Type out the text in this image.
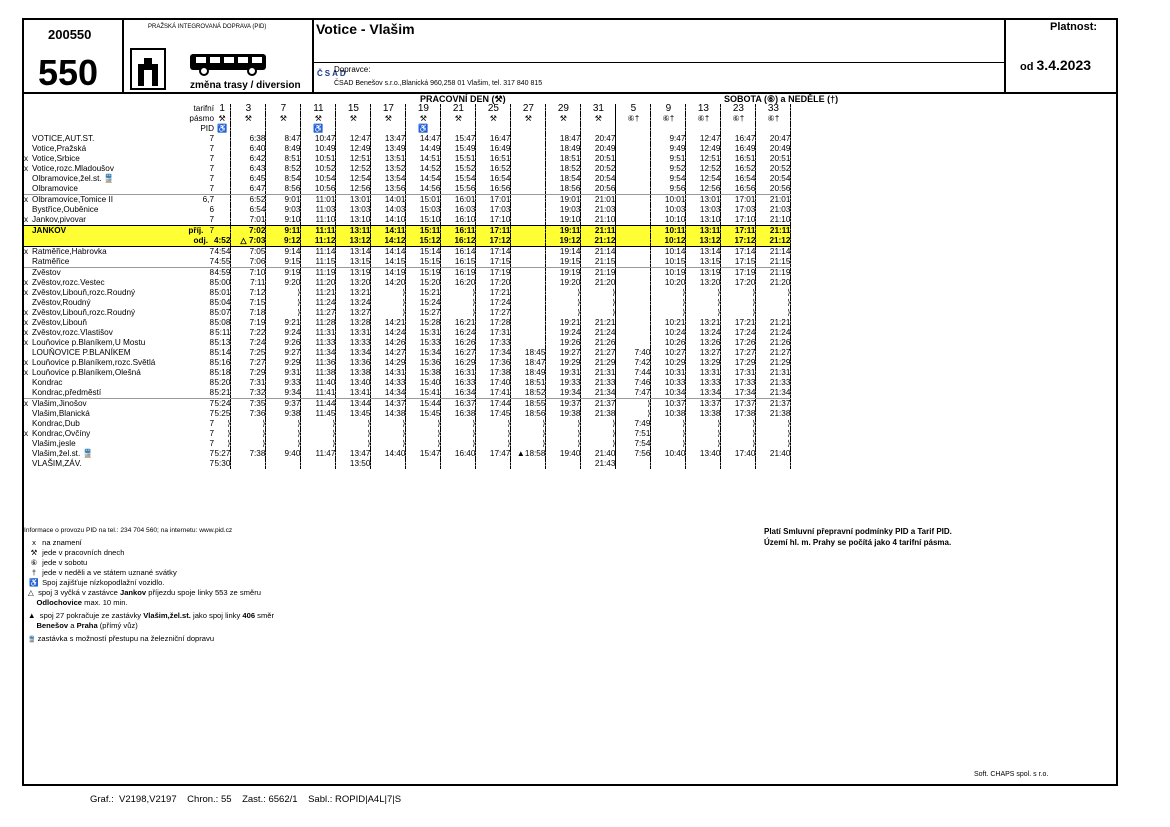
200550
550
PRAŽSKÁ INTEGROVANÁ DOPRAVA (PID)
změna trasy / diversion
Votice - Vlašim
ČSAD
Dopravce:
ČSAD Benešov s.r.o.,Blanická 960,258 01 Vlašim, tel. 317 840 815
Platnost:
od 3.4.2023
PRACOVNÍ DEN (⚒)	SOBOTA (⑥) a NEDĚLE (†)
	tarifní	1	3	7	11	15	17	19	21	25	27	29	31	5	9	13	23	33
	pásmo	⚒	⚒	⚒	⚒	⚒	⚒	⚒	⚒	⚒	⚒	⚒	⚒	⑥†	⑥†	⑥†	⑥†	⑥†
	PID	♿			♿			♿										
VOTICE,AUT.ST.	7		6:38	8:47	10:47	12:47	13:47	14:47	15:47	16:47		18:47	20:47		9:47	12:47	16:47	20:47
Votice,Pražská	7		6:40	8:49	10:49	12:49	13:49	14:49	15:49	16:49		18:49	20:49		9:49	12:49	16:49	20:49
x Votice,Srbice	7		6:42	8:51	10:51	12:51	13:51	14:51	15:51	16:51		18:51	20:51		9:51	12:51	16:51	20:51
x Votice,rozc.Mladoušov	7		6:43	8:52	10:52	12:52	13:52	14:52	15:52	16:52		18:52	20:52		9:52	12:52	16:52	20:52
Olbramovice,žel.st. 🚆	7		6:45	8:54	10:54	12:54	13:54	14:54	15:54	16:54		18:54	20:54		9:54	12:54	16:54	20:54
Olbramovice	7		6:47	8:56	10:56	12:56	13:56	14:56	15:56	16:56		18:56	20:56		9:56	12:56	16:56	20:56
x Olbramovice,Tomice II	6,7		6:52	9:01	11:01	13:01	14:01	15:01	16:01	17:01		19:01	21:01		10:01	13:01	17:01	21:01
Bystřice,Ouběnice	6		6:54	9:03	11:03	13:03	14:03	15:03	16:03	17:03		19:03	21:03		10:03	13:03	17:03	21:03
x Jankov,pivovar	7		7:01	9:10	11:10	13:10	14:10	15:10	16:10	17:10		19:10	21:10		10:10	13:10	17:10	21:10
JANKOV	příj. 7		7:02	9:11	11:11	13:11	14:11	15:11	16:11	17:11		19:11	21:11		10:11	13:11	17:11	21:11
	odj.	4:52	△ 7:03	9:12	11:12	13:12	14:12	15:12	16:12	17:12		19:12	21:12		10:12	13:12	17:12	21:12
x Ratměřice,Habrovka	7	4:54	7:05	9:14	11:14	13:14	14:14	15:14	16:14	17:14		19:14	21:14		10:14	13:14	17:14	21:14
Ratměřice	7	4:55	7:06	9:15	11:15	13:15	14:15	15:15	16:15	17:15		19:15	21:15		10:15	13:15	17:15	21:15
Zvěstov	8	4:59	7:10	9:19	11:19	13:19	14:19	15:19	16:19	17:19		19:19	21:19		10:19	13:19	17:19	21:19
x Zvěstov,rozc.Vestec	8	5:00	7:11	9:20	11:20	13:20	14:20	15:20	16:20	17:20		19:20	21:20		10:20	13:20	17:20	21:20
x Zvěstov,Libouň,rozc.Roudný	8	5:01	7:12	⟩	11:21	13:21	⟩	15:21	⟩	17:21		⟩	⟩		⟩	⟩	⟩	⟩
Zvěstov,Roudný	8	5:04	7:15	⟩	11:24	13:24	⟩	15:24	⟩	17:24		⟩	⟩		⟩	⟩	⟩	⟩
x Zvěstov,Libouň,rozc.Roudný	8	5:07	7:18	⟩	11:27	13:27	⟩	15:27	⟩	17:27		⟩	⟩		⟩	⟩	⟩	⟩
x Zvěstov,Libouň	8	5:08	7:19	9:21	11:28	13:28	14:21	15:28	16:21	17:28		19:21	21:21		10:21	13:21	17:21	21:21
x Zvěstov,rozc.Vlastišov	8	5:11	7:22	9:24	11:31	13:31	14:24	15:31	16:24	17:31		19:24	21:24		10:24	13:24	17:24	21:24
x Louňovice p.Blaníkem,U Mostu	8	5:13	7:24	9:26	11:33	13:33	14:26	15:33	16:26	17:33		19:26	21:26		10:26	13:26	17:26	21:26
LOUŇOVICE P.BLANÍKEM	8	5:14	7:25	9:27	11:34	13:34	14:27	15:34	16:27	17:34	18:45	19:27	21:27	7:40	10:27	13:27	17:27	21:27
x Louňovice p.Blaníkem,rozc.Světlá	8	5:16	7:27	9:29	11:36	13:36	14:29	15:36	16:29	17:36	18:47	19:29	21:29	7:42	10:29	13:29	17:29	21:29
x Louňovice p.Blaníkem,Olešná	8	5:18	7:29	9:31	11:38	13:38	14:31	15:38	16:31	17:38	18:49	19:31	21:31	7:44	10:31	13:31	17:31	21:31
Kondrac	8	5:20	7:31	9:33	11:40	13:40	14:33	15:40	16:33	17:40	18:51	19:33	21:33	7:46	10:33	13:33	17:33	21:33
Kondrac,předměstí	8	5:21	7:32	9:34	11:41	13:41	14:34	15:41	16:34	17:41	18:52	19:34	21:34	7:47	10:34	13:34	17:34	21:34
x Vlašim,Jinošov	7	5:24	7:35	9:37	11:44	13:44	14:37	15:44	16:37	17:44	18:55	19:37	21:37	⟩	10:37	13:37	17:37	21:37
Vlašim,Blanická	7	5:25	7:36	9:38	11:45	13:45	14:38	15:45	16:38	17:45	18:56	19:38	21:38	⟩	10:38	13:38	17:38	21:38
Kondrac,Dub	7	⟩	⟩	⟩	⟩	⟩	⟩	⟩	⟩	⟩	⟩	⟩	⟩	7:49	⟩	⟩	⟩	⟩
x Kondrac,Ovčíny	7	⟩	⟩	⟩	⟩	⟩	⟩	⟩	⟩	⟩	⟩	⟩	⟩	7:51	⟩	⟩	⟩	⟩
Vlašim,jesle	7	⟩	⟩	⟩	⟩	⟩	⟩	⟩	⟩	⟩	⟩	⟩	⟩	7:54	⟩	⟩	⟩	⟩
Vlašim,žel.st. 🚆	7	5:27	7:38	9:40	11:47	13:47	14:40	15:47	16:40	17:47	▲18:58	19:40	21:40	7:56	10:40	13:40	17:40	21:40
VLAŠIM,ZÁV.	7	5:30				13:50							21:43					
Informace o provozu PID na tel.: 234 704 560; na internetu: www.pid.cz	Platí Smluvní přepravní podmínky PID a Tarif PID.
Území hl. m. Prahy se počítá jako 4 tarifní pásma.
x na znamení
⚒ jede v pracovních dnech
⑥ jede v sobotu
† jede v neděli a ve státem uznané svátky
♿ Spoj zajišťuje nízkopodlažní vozidlo.
△ spoj 3 vyčká v zastávce Jankov příjezdu spoje linky 553 ze směru
Odlochovice max. 10 min.
▲ spoj 27 pokračuje ze zastávky Vlašim,žel.st. jako spoj linky 406 směr
Benešov a Praha (přímý vůz)
🚆 zastávka s možností přestupu na železniční dopravu
Soft. CHAPS spol. s r.o.
Graf.:  V2198,V2197    Chron.: 55    Zast.: 6562/1    Sabl.: ROPID|A4L|7|S
